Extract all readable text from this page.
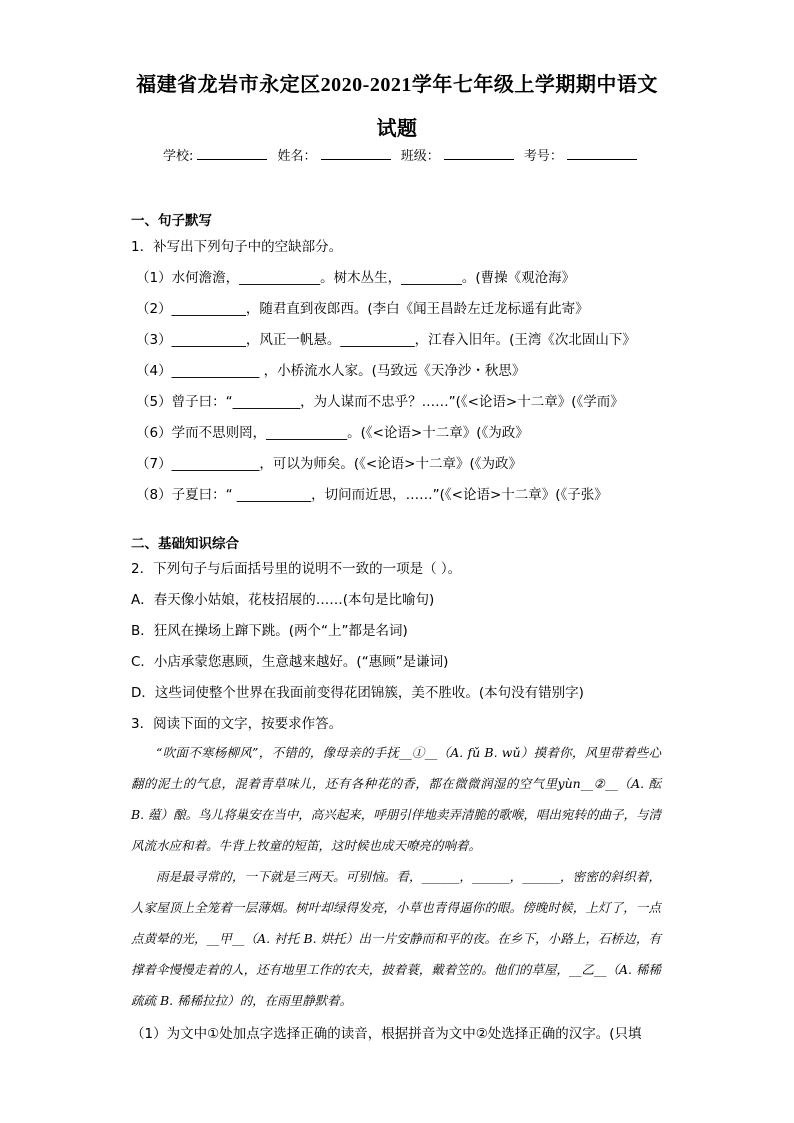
福建省龙岩市永定区2020-2021学年七年级上学期期中语文
试题
学校:	姓名：	班级：	考号：
一、句子默写
1．补写出下列句子中的空缺部分。
（1）水何澹澹，____________。树木丛生，_________。(曹操《观沧海》
（2）___________，随君直到夜郎西。(李白《闻王昌龄左迁龙标遥有此寄》
（3）___________，风正一帆悬。___________，江春入旧年。(王湾《次北固山下》
（4）_____________ ，小桥流水人家。(马致远《天净沙・秋思》
（5）曾子曰：“__________，为人谋而不忠乎？……”(《<论语>十二章》(《学而》
（6）学而不思则罔，____________。(《<论语>十二章》(《为政》
（7）_____________，可以为师矣。(《<论语>十二章》(《为政》
（8）子夏曰：“ ___________，切问而近思，……”(《<论语>十二章》(《子张》
二、基础知识综合
2．下列句子与后面括号里的说明不一致的一项是（ ）。
A．春天像小姑娘，花枝招展的……(本句是比喻句)
B．狂风在操场上蹿下跳。(两个“上”都是名词)
C．小店承蒙您惠顾，生意越来越好。(“惠顾”是谦词)
D．这些词使整个世界在我面前变得花团锦簇，美不胜收。(本句没有错别字)
3．阅读下面的文字，按要求作答。

“吹面不寒杨柳风”，不错的，像母亲的手抚__①__（A. fǔ B. wǔ）摸着你，风里带着些心翻的泥土的气息，混着青草味儿，还有各种花的香，都在微微润湿的空气里yùn__②__（A. 酝 B. 蕴）酿。鸟儿将巢安在当中，高兴起来，呼朋引伴地卖弄清脆的歌喉，唱出宛转的曲子，与清风流水应和着。牛背上牧童的短笛，这时候也成天嘹亮的响着。

雨是最寻常的，一下就是三两天。可别恼。看，______，______，______，密密的斜织着，人家屋顶上全笼着一层薄烟。树叶却绿得发亮，小草也青得逼你的眼。傍晚时候，上灯了，一点点黄晕的光，__甲__（A. 衬托 B. 烘托）出一片安静而和平的夜。在乡下，小路上，石桥边，有撑着伞慢慢走着的人，还有地里工作的农夫，披着蓑，戴着笠的。他们的草屋，__乙__（A. 稀稀疏疏 B. 稀稀拉拉）的，在雨里静默着。

（1）为文中①处加点字选择正确的读音，根据拼音为文中②处选择正确的汉字。(只填
